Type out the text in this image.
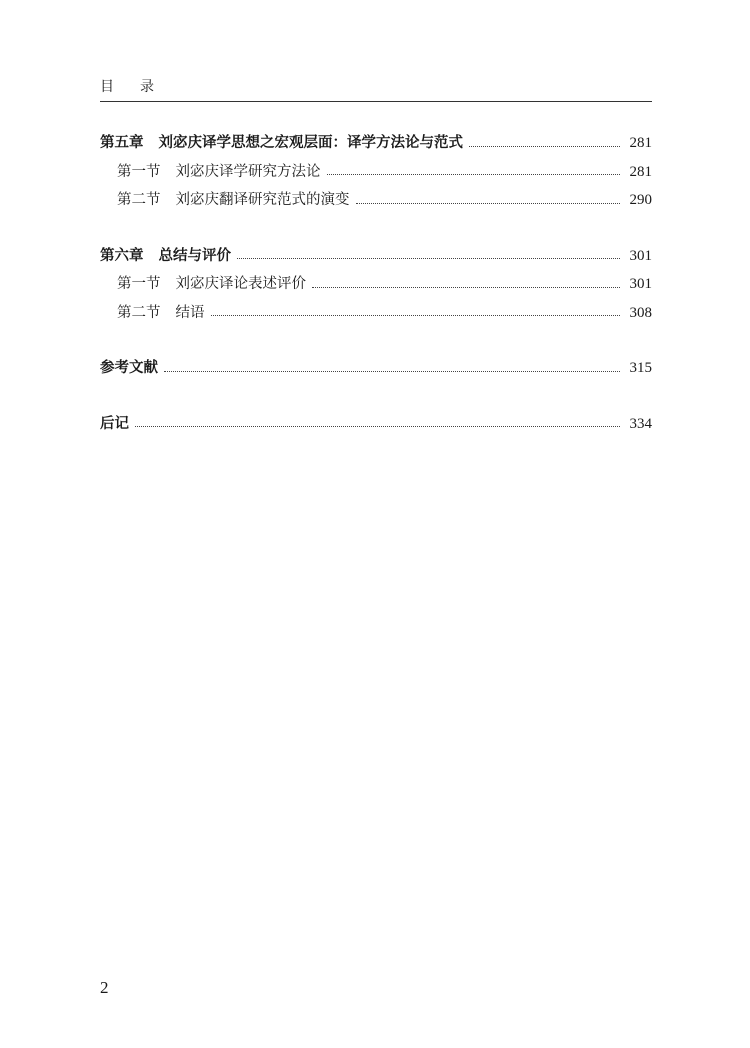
目 录
第五章 刘宓庆译学思想之宏观层面：译学方法论与范式	281
第一节 刘宓庆译学研究方法论	281
第二节 刘宓庆翻译研究范式的演变	290
第六章 总结与评价	301
第一节 刘宓庆译论表述评价	301
第二节 结语	308
参考文献	315
后记	334
2
